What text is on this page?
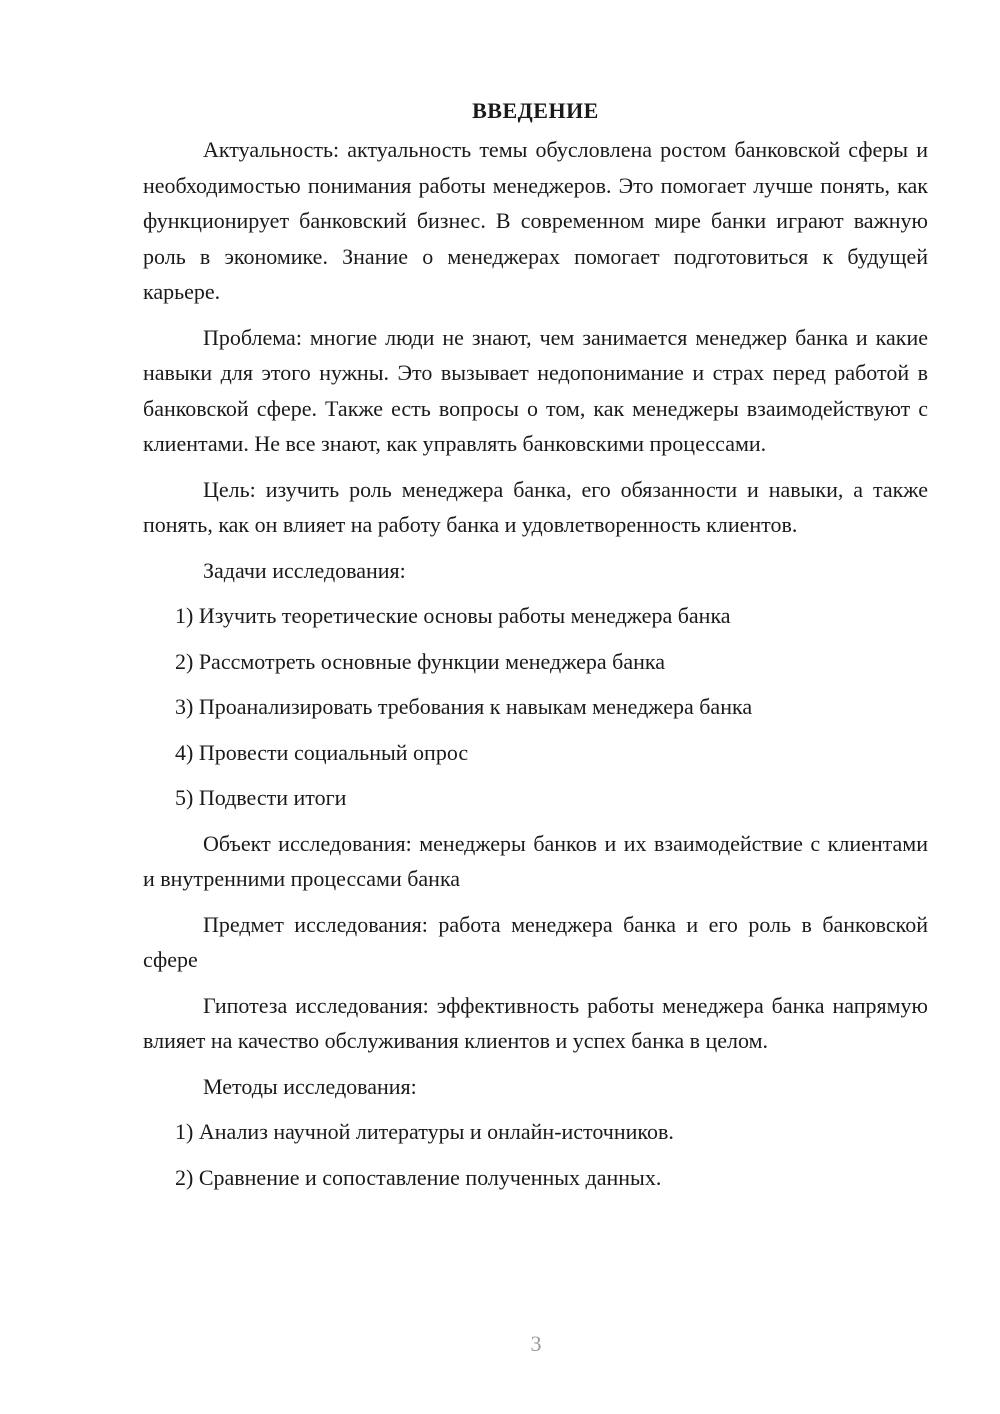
ВВЕДЕНИЕ

Актуальность: актуальность темы обусловлена ростом банковской сферы и необходимостью понимания работы менеджеров. Это помогает лучше понять, как функционирует банковский бизнес. В современном мире банки играют важную роль в экономике. Знание о менеджерах помогает подготовиться к будущей карьере.

Проблема: многие люди не знают, чем занимается менеджер банка и какие навыки для этого нужны. Это вызывает недопонимание и страх перед работой в банковской сфере. Также есть вопросы о том, как менеджеры взаимодействуют с клиентами. Не все знают, как управлять банковскими процессами.

Цель: изучить роль менеджера банка, его обязанности и навыки, а также понять, как он влияет на работу банка и удовлетворенность клиентов.

Задачи исследования:

1) Изучить теоретические основы работы менеджера банка
2) Рассмотреть основные функции менеджера банка
3) Проанализировать требования к навыкам менеджера банка
4) Провести социальный опрос
5) Подвести итоги

Объект исследования: менеджеры банков и их взаимодействие с клиентами и внутренними процессами банка

Предмет исследования: работа менеджера банка и его роль в банковской сфере

Гипотеза исследования: эффективность работы менеджера банка напрямую влияет на качество обслуживания клиентов и успех банка в целом.

Методы исследования:

1) Анализ научной литературы и онлайн-источников.
2) Сравнение и сопоставление полученных данных.
3
